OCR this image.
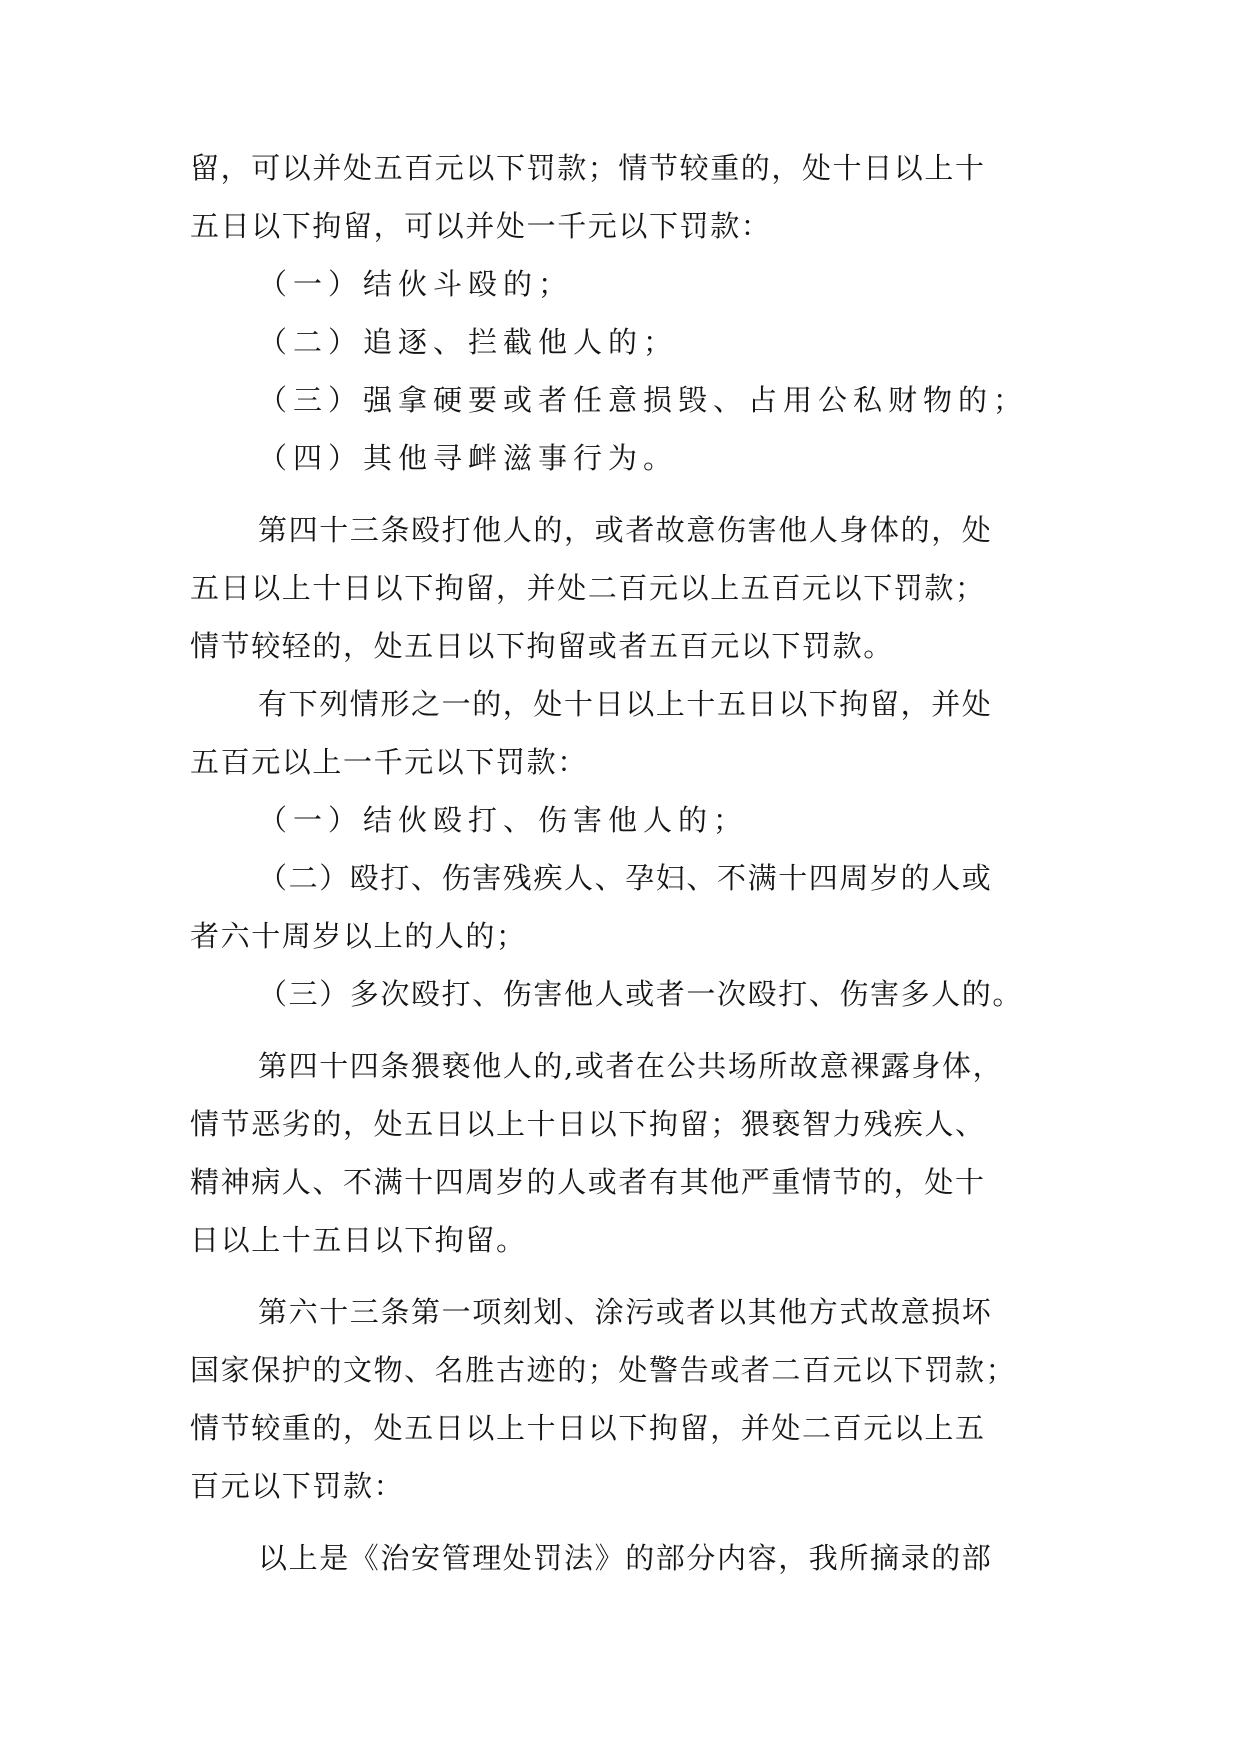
留，可以并处五百元以下罚款；情节较重的，处十日以上十
五日以下拘留，可以并处一千元以下罚款：
（一）结伙斗殴的；
（二）追逐、拦截他人的；
（三）强拿硬要或者任意损毁、占用公私财物的；
（四）其他寻衅滋事行为。
第四十三条殴打他人的，或者故意伤害他人身体的，处
五日以上十日以下拘留，并处二百元以上五百元以下罚款；
情节较轻的，处五日以下拘留或者五百元以下罚款。
有下列情形之一的，处十日以上十五日以下拘留，并处
五百元以上一千元以下罚款：
（一）结伙殴打、伤害他人的；
（二）殴打、伤害残疾人、孕妇、不满十四周岁的人或
者六十周岁以上的人的；
（三）多次殴打、伤害他人或者一次殴打、伤害多人的。
第四十四条猥亵他人的,或者在公共场所故意裸露身体，
情节恶劣的，处五日以上十日以下拘留；猥亵智力残疾人、
精神病人、不满十四周岁的人或者有其他严重情节的，处十
日以上十五日以下拘留。
第六十三条第一项刻划、涂污或者以其他方式故意损坏
国家保护的文物、名胜古迹的；处警告或者二百元以下罚款；
情节较重的，处五日以上十日以下拘留，并处二百元以上五
百元以下罚款：
以上是《治安管理处罚法》的部分内容，我所摘录的部
